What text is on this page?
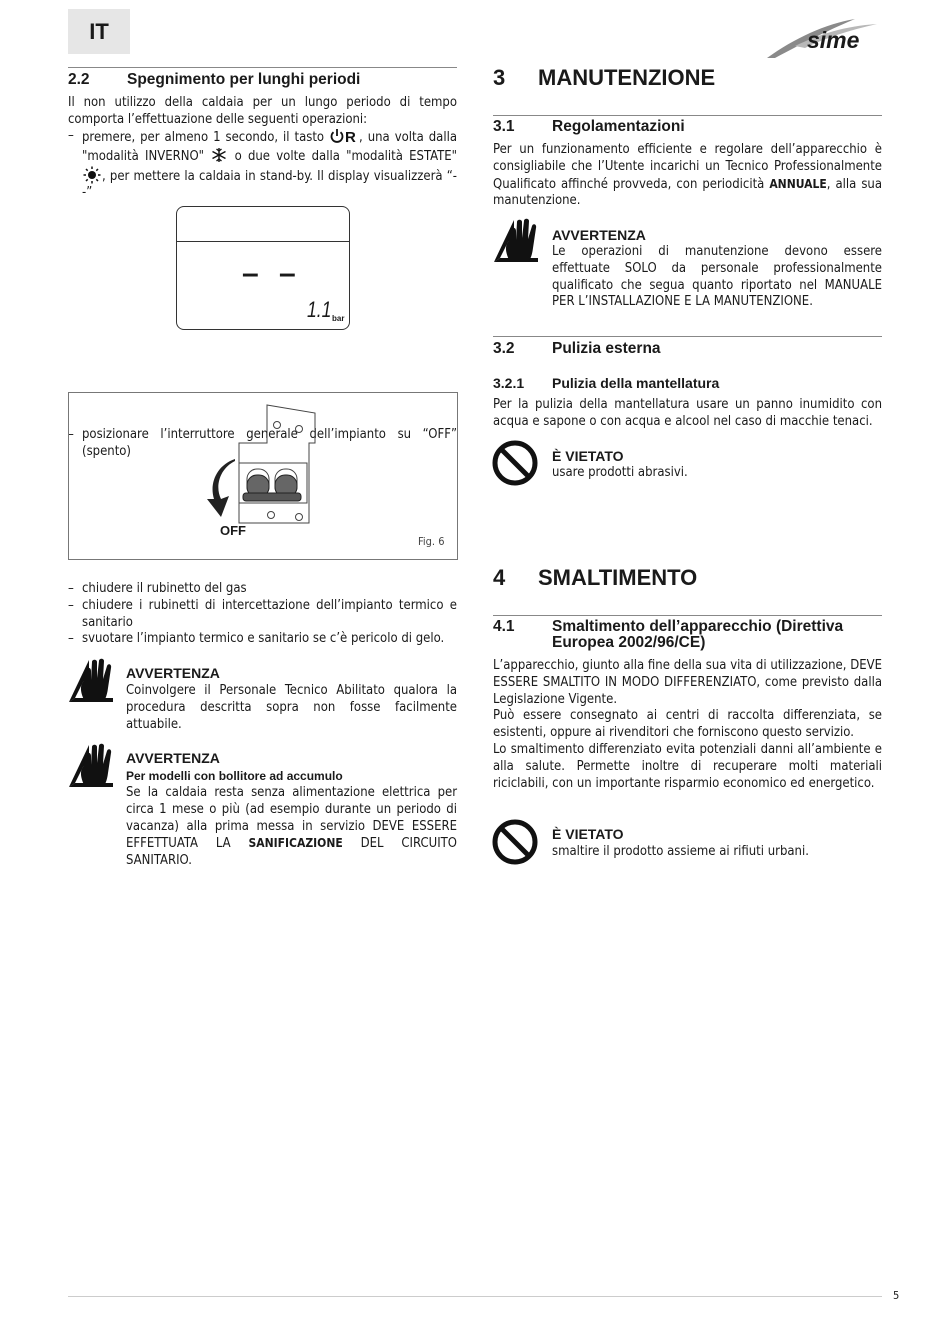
IT	sime
2.2 Spegnimento per lunghi periodi

Il non utilizzo della caldaia per un lungo periodo di tempo comporta l’effettuazione delle seguenti operazioni:

– premere, per almeno 1 secondo, il tasto R , una volta dalla "modalità INVERNO"  o due volte dalla "modalità ESTATE" , per mettere la caldaia in stand-by. Il display visualizzerà “- -”
– –
1.1 bar
– posizionare l’interruttore generale dell’impianto su “OFF” (spento)
OFF
Fig. 6
– chiudere il rubinetto del gas
– chiudere i rubinetti di intercettazione dell’impianto termico e sanitario
– svuotare l’impianto termico e sanitario se c’è pericolo di gelo.
AVVERTENZA

Coinvolgere il Personale Tecnico Abilitato qualora la procedura descritta sopra non fosse facilmente attuabile.

AVVERTENZA
Per modelli con bollitore ad accumulo

Se la caldaia resta senza alimentazione elettrica per circa 1 mese o più (ad esempio durante un periodo di vacanza) alla prima messa in servizio DEVE ESSERE EFFETTUATA LA SANIFICAZIONE DEL CIRCUITO SANITARIO.

3 MANUTENZIONE
3.1 Regolamentazioni

Per un funzionamento efficiente e regolare dell’apparecchio è consigliabile che l’Utente incarichi un Tecnico Professionalmente Qualificato affinché provveda, con periodicità ANNUALE, alla sua manutenzione.

AVVERTENZA

Le operazioni di manutenzione devono essere effettuate SOLO da personale professionalmente qualificato che segua quanto riportato nel MANUALE PER L’INSTALLAZIONE E LA MANUTENZIONE.

3.2 Pulizia esterna
3.2.1 Pulizia della mantellatura

Per la pulizia della mantellatura usare un panno inumidito con acqua e sapone o con acqua e alcool nel caso di macchie tenaci.

È VIETATO

usare prodotti abrasivi.

4 SMALTIMENTO
4.1 Smaltimento dell’apparecchio (Direttiva
Europea 2002/96/CE)

L’apparecchio, giunto alla fine della sua vita di utilizzazione, DEVE ESSERE SMALTITO IN MODO DIFFERENZIATO, come previsto dalla Legislazione Vigente.

Può essere consegnato ai centri di raccolta differenziata, se esistenti, oppure ai rivenditori che forniscono questo servizio.

Lo smaltimento differenziato evita potenziali danni all’ambiente e alla salute. Permette inoltre di recuperare molti materiali riciclabili, con un importante risparmio economico ed energetico.

È VIETATO

smaltire il prodotto assieme ai rifiuti urbani.

5
